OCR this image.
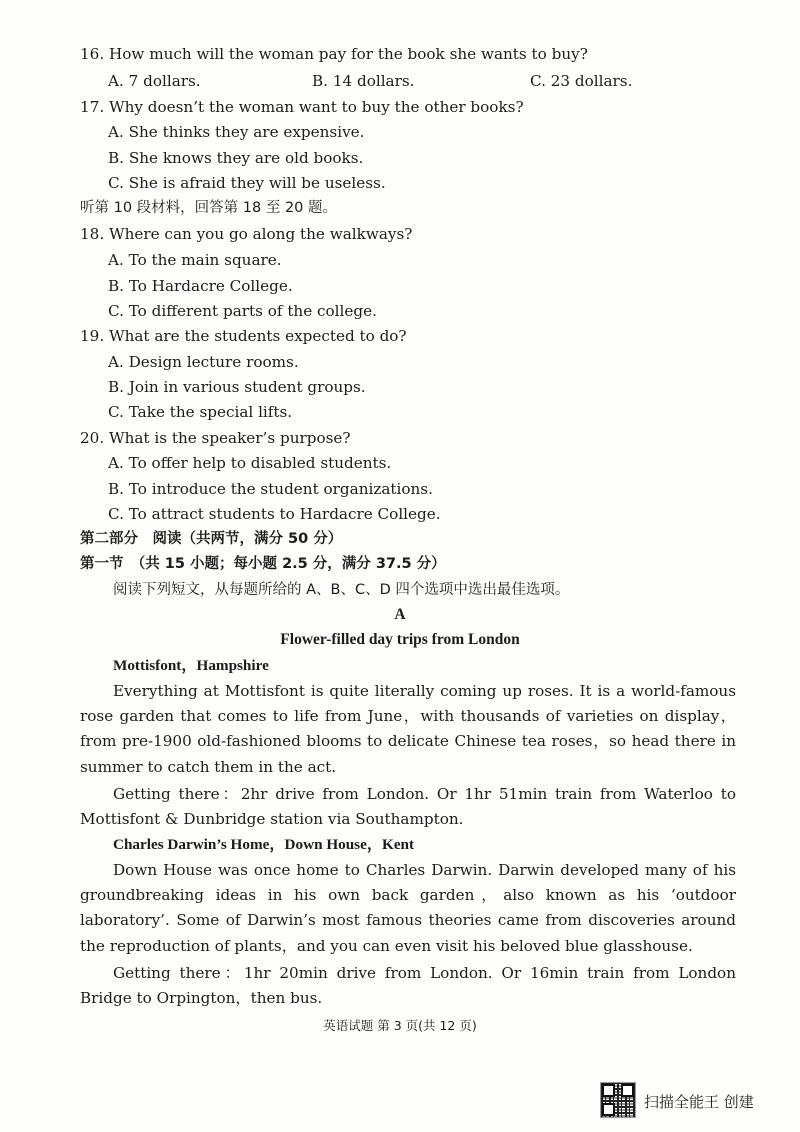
16. How much will the woman pay for the book she wants to buy?
A. 7 dollars.	B. 14 dollars.	C. 23 dollars.
17. Why doesn’t the woman want to buy the other books?
A. She thinks they are expensive.
B. She knows they are old books.
C. She is afraid they will be useless.
听第 10 段材料，回答第 18 至 20 题。
18. Where can you go along the walkways?
A. To the main square.
B. To Hardacre College.
C. To different parts of the college.
19. What are the students expected to do?
A. Design lecture rooms.
B. Join in various student groups.
C. Take the special lifts.
20. What is the speaker’s purpose?
A. To offer help to disabled students.
B. To introduce the student organizations.
C. To attract students to Hardacre College.
第二部分　阅读（共两节，满分 50 分）
第一节　（共 15 小题；每小题 2.5 分，满分 37.5 分）
阅读下列短文，从每题所给的 A、B、C、D 四个选项中选出最佳选项。
A
Flower-filled day trips from London
Mottisfont，Hampshire
Everything at Mottisfont is quite literally coming up roses. It is a world-famous rose garden that comes to life from June，with thousands of varieties on display，from pre-1900 old-fashioned blooms to delicate Chinese tea roses，so head there in summer to catch them in the act.
Getting there：2hr drive from London. Or 1hr 51min train from Waterloo to Mottisfont & Dunbridge station via Southampton.
Charles Darwin’s Home，Down House，Kent
Down House was once home to Charles Darwin. Darwin developed many of his groundbreaking ideas in his own back garden，also known as his ‘outdoor laboratory’. Some of Darwin’s most famous theories came from discoveries around the reproduction of plants，and you can even visit his beloved blue glasshouse.
Getting there：1hr 20min drive from London. Or 16min train from London Bridge to Orpington，then bus.
英语试题 第 3 页(共 12 页)
扫描全能王 创建
